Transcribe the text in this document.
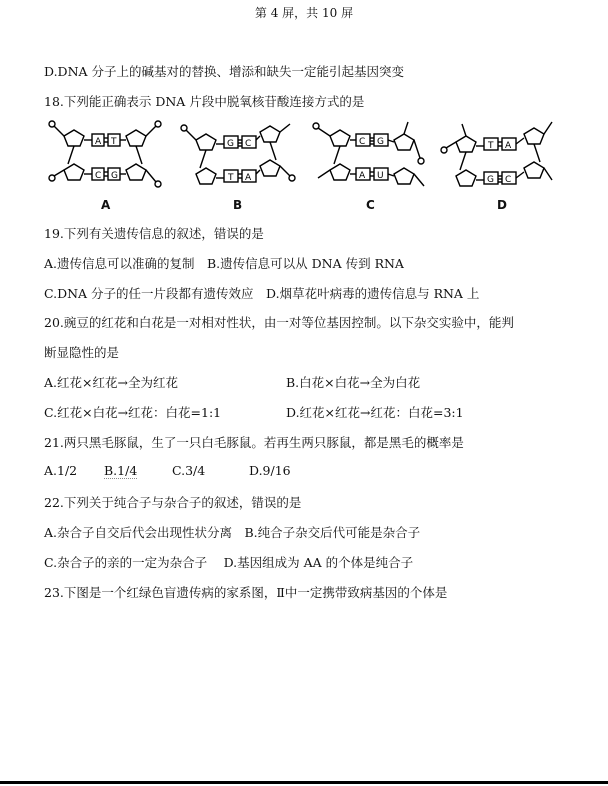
第 4 屏，共 10 屏
D.DNA 分子上的碱基对的替换、增添和缺失一定能引起基因突变
18.下列能正确表示 DNA 片段中脱氧核苷酸连接方式的是
A T
C G
A
G C
T A
B
C G
A U
C
T A
G C
D
19.下列有关遗传信息的叙述，错误的是
A.遗传信息可以准确的复制　B.遗传信息可以从 DNA 传到 RNA
C.DNA 分子的任一片段都有遗传效应　D.烟草花叶病毒的遗传信息与 RNA 上
20.豌豆的红花和白花是一对相对性状，由一对等位基因控制。以下杂交实验中，能判
断显隐性的是
A.红花×红花→全为红花	B.白花×白花→全为白花
C.红花×白花→红花：白花=1:1	D.红花×红花→红花：白花=3:1
21.两只黑毛豚鼠，生了一只白毛豚鼠。若再生两只豚鼠，都是黑毛的概率是
A.1/2 B.1/4	C.3/4	D.9/16
22.下列关于纯合子与杂合子的叙述，错误的是
A.杂合子自交后代会出现性状分离　B.纯合子杂交后代可能是杂合子
C.杂合子的亲的一定为杂合子　 D.基因组成为 AA 的个体是纯合子
23.下图是一个红绿色盲遗传病的家系图，Ⅱ中一定携带致病基因的个体是
